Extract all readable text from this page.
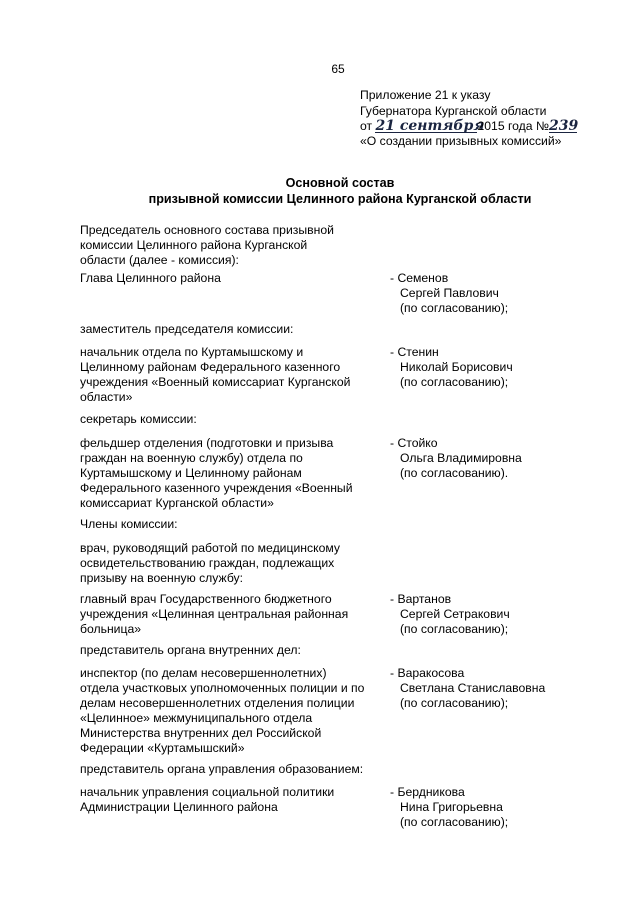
65
Приложение 21 к указу
Губернатора Курганской области
от 21 сентября2015 года №239
«О создании призывных комиссий»
Основной состав
призывной комиссии Целинного района Курганской области
Председатель основного состава призывной
комиссии Целинного района Курганской
области (далее - комиссия):
Глава Целинного района	- Семенов
Сергей Павлович
(по согласованию);
заместитель председателя комиссии:
начальник отдела по Куртамышскому и
Целинному районам Федерального казенного
учреждения «Военный комиссариат Курганской
области»
- Стенин
Николай Борисович
(по согласованию);
секретарь комиссии:
фельдшер отделения (подготовки и призыва
граждан на военную службу) отдела по
Куртамышскому и Целинному районам
Федерального казенного учреждения «Военный
комиссариат Курганской области»
- Стойко
Ольга Владимировна
(по согласованию).
Члены комиссии:
врач, руководящий работой по медицинскому
освидетельствованию граждан, подлежащих
призыву на военную службу:
главный врач Государственного бюджетного
учреждения «Целинная центральная районная
больница»
- Вартанов
Сергей Сетракович
(по согласованию);
представитель органа внутренних дел:
инспектор (по делам несовершеннолетних)
отдела участковых уполномоченных полиции и по
делам несовершеннолетних отделения полиции
«Целинное» межмуниципального отдела
Министерства внутренних дел Российской
Федерации «Куртамышский»
- Варакосова
Светлана Станиславовна
(по согласованию);
представитель органа управления образованием:
начальник управления социальной политики
Администрации Целинного района
- Бердникова
Нина Григорьевна
(по согласованию);
